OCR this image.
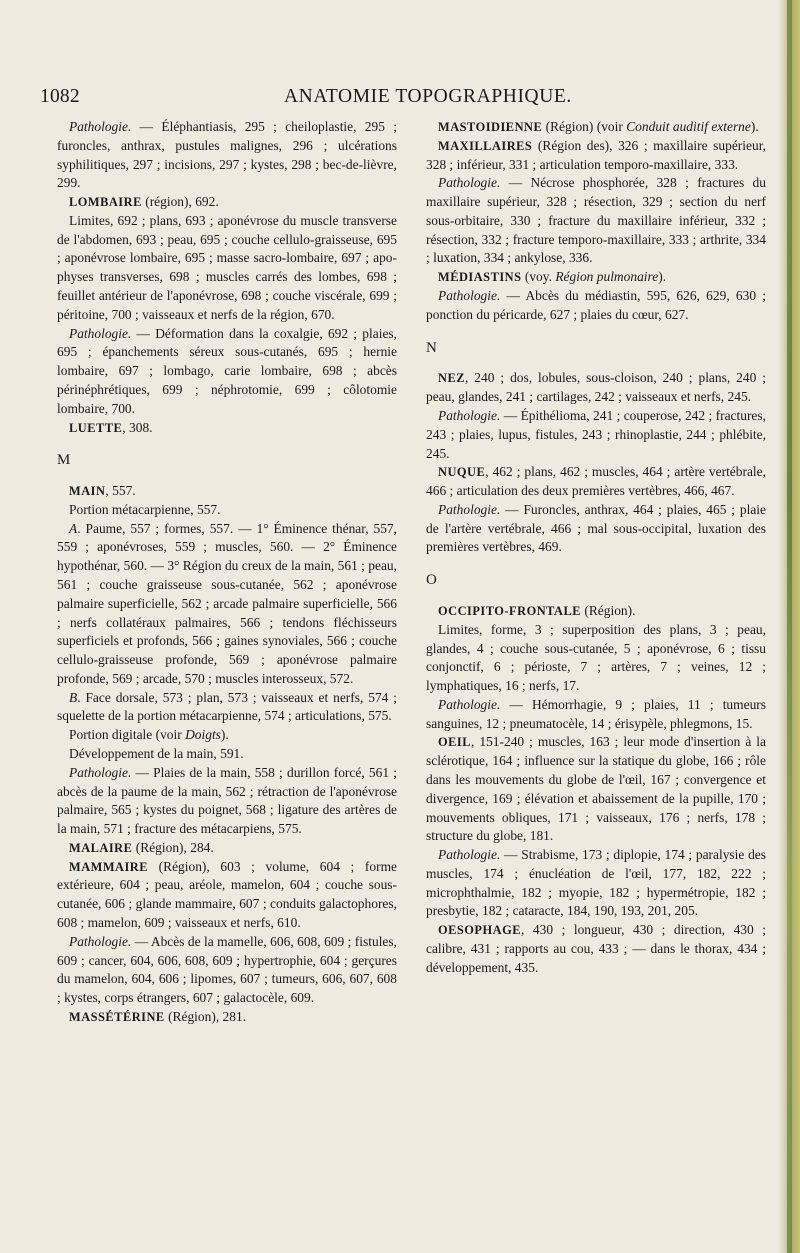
1082	ANATOMIE TOPOGRAPHIQUE.

Pathologie. — Éléphantiasis, 295 ; cheiloplastie, 295 ; furoncles, anthrax, pustules malignes, 296 ; ulcérations syphilitiques, 297 ; incisions, 297 ; kystes, 298 ; bec-de-lièvre, 299.

LOMBAIRE (région), 692.

Limites, 692 ; plans, 693 ; aponévrose du muscle transverse de l'abdomen, 693 ; peau, 695 ; couche cellulo-graisseuse, 695 ; aponévrose lombaire, 695 ; masse sacro-lombaire, 697 ; apophyses transverses, 698 ; muscles carrés des lombes, 698 ; feuillet antérieur de l'aponévrose, 698 ; couche viscérale, 699 ; péritoine, 700 ; vaisseaux et nerfs de la région, 670.

Pathologie. — Déformation dans la coxalgie, 692 ; plaies, 695 ; épanchements séreux sous-cutanés, 695 ; hernie lombaire, 697 ; lombago, carie lombaire, 698 ; abcès périnéphrétiques, 699 ; néphrotomie, 699 ; côlotomie lombaire, 700.

LUETTE, 308.

M

MAIN, 557.

Portion métacarpienne, 557.

A. Paume, 557 ; formes, 557. — 1° Éminence thénar, 557, 559 ; aponévroses, 559 ; muscles, 560. — 2° Éminence hypothénar, 560. — 3° Région du creux de la main, 561 ; peau, 561 ; couche graisseuse sous-cutanée, 562 ; aponévrose palmaire superficielle, 562 ; arcade palmaire superficielle, 566 ; nerfs collatéraux palmaires, 566 ; tendons fléchisseurs superficiels et profonds, 566 ; gaines synoviales, 566 ; couche cellulo-graisseuse profonde, 569 ; aponévrose palmaire profonde, 569 ; arcade, 570 ; muscles interosseux, 572.

B. Face dorsale, 573 ; plan, 573 ; vaisseaux et nerfs, 574 ; squelette de la portion métacarpienne, 574 ; articulations, 575.

Portion digitale (voir Doigts).

Développement de la main, 591.

Pathologie. — Plaies de la main, 558 ; durillon forcé, 561 ; abcès de la paume de la main, 562 ; rétraction de l'aponévrose palmaire, 565 ; kystes du poignet, 568 ; ligature des artères de la main, 571 ; fracture des métacarpiens, 575.

MALAIRE (Région), 284.

MAMMAIRE (Région), 603 ; volume, 604 ; forme extérieure, 604 ; peau, aréole, mamelon, 604 ; couche sous-cutanée, 606 ; glande mammaire, 607 ; conduits galactophores, 608 ; mamelon, 609 ; vaisseaux et nerfs, 610.

Pathologie. — Abcès de la mamelle, 606, 608, 609 ; fistules, 609 ; cancer, 604, 606, 608, 609 ; hypertrophie, 604 ; gerçures du mamelon, 604, 606 ; lipomes, 607 ; tumeurs, 606, 607, 608 ; kystes, corps étrangers, 607 ; galactocèle, 609.

MASSÉTÉRINE (Région), 281.

MASTOIDIENNE (Région) (voir Conduit auditif externe).

MAXILLAIRES (Région des), 326 ; maxillaire supérieur, 328 ; inférieur, 331 ; articulation temporo-maxillaire, 333.

Pathologie. — Nécrose phosphorée, 328 ; fractures du maxillaire supérieur, 328 ; résection, 329 ; section du nerf sous-orbitaire, 330 ; fracture du maxillaire inférieur, 332 ; résection, 332 ; fracture temporo-maxillaire, 333 ; arthrite, 334 ; luxation, 334 ; ankylose, 336.

MÉDIASTINS (voy. Région pulmonaire).

Pathologie. — Abcès du médiastin, 595, 626, 629, 630 ; ponction du péricarde, 627 ; plaies du cœur, 627.

N

NEZ, 240 ; dos, lobules, sous-cloison, 240 ; plans, 240 ; peau, glandes, 241 ; cartilages, 242 ; vaisseaux et nerfs, 245.

Pathologie. — Épithélioma, 241 ; couperose, 242 ; fractures, 243 ; plaies, lupus, fistules, 243 ; rhinoplastie, 244 ; phlébite, 245.

NUQUE, 462 ; plans, 462 ; muscles, 464 ; artère vertébrale, 466 ; articulation des deux premières vertèbres, 466, 467.

Pathologie. — Furoncles, anthrax, 464 ; plaies, 465 ; plaie de l'artère vertébrale, 466 ; mal sous-occipital, luxation des premières vertèbres, 469.

O

OCCIPITO-FRONTALE (Région).

Limites, forme, 3 ; superposition des plans, 3 ; peau, glandes, 4 ; couche sous-cutanée, 5 ; aponévrose, 6 ; tissu conjonctif, 6 ; périoste, 7 ; artères, 7 ; veines, 12 ; lymphatiques, 16 ; nerfs, 17.

Pathologie. — Hémorrhagie, 9 ; plaies, 11 ; tumeurs sanguines, 12 ; pneumatocèle, 14 ; érisypèle, phlegmons, 15.

OEIL, 151-240 ; muscles, 163 ; leur mode d'insertion à la sclérotique, 164 ; influence sur la statique du globe, 166 ; rôle dans les mouvements du globe de l'œil, 167 ; convergence et divergence, 169 ; élévation et abaissement de la pupille, 170 ; mouvements obliques, 171 ; vaisseaux, 176 ; nerfs, 178 ; structure du globe, 181.

Pathologie. — Strabisme, 173 ; diplopie, 174 ; paralysie des muscles, 174 ; énucléation de l'œil, 177, 182, 222 ; microphthalmie, 182 ; myopie, 182 ; hypermétropie, 182 ; presbytie, 182 ; cataracte, 184, 190, 193, 201, 205.

OESOPHAGE, 430 ; longueur, 430 ; direction, 430 ; calibre, 431 ; rapports au cou, 433 ; — dans le thorax, 434 ; développement, 435.
